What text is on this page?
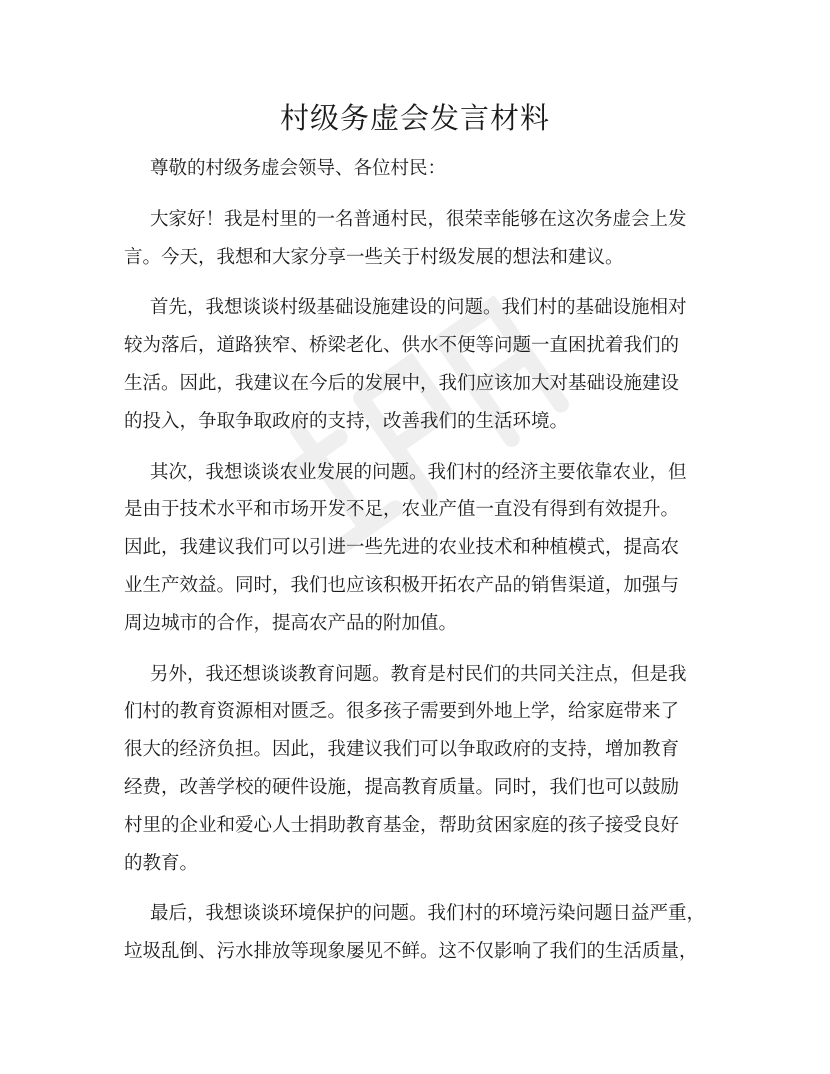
村级务虚会发言材料

尊敬的村级务虚会领导、各位村民：

大家好！我是村里的一名普通村民，很荣幸能够在这次务虚会上发
言。今天，我想和大家分享一些关于村级发展的想法和建议。
首先，我想谈谈村级基础设施建设的问题。我们村的基础设施相对
较为落后，道路狭窄、桥梁老化、供水不便等问题一直困扰着我们的
生活。因此，我建议在今后的发展中，我们应该加大对基础设施建设
的投入，争取争取政府的支持，改善我们的生活环境。
其次，我想谈谈农业发展的问题。我们村的经济主要依靠农业，但
是由于技术水平和市场开发不足，农业产值一直没有得到有效提升。
因此，我建议我们可以引进一些先进的农业技术和种植模式，提高农
业生产效益。同时，我们也应该积极开拓农产品的销售渠道，加强与
周边城市的合作，提高农产品的附加值。
另外，我还想谈谈教育问题。教育是村民们的共同关注点，但是我
们村的教育资源相对匮乏。很多孩子需要到外地上学，给家庭带来了
很大的经济负担。因此，我建议我们可以争取政府的支持，增加教育
经费，改善学校的硬件设施，提高教育质量。同时，我们也可以鼓励
村里的企业和爱心人士捐助教育基金，帮助贫困家庭的孩子接受良好
的教育。
最后，我想谈谈环境保护的问题。我们村的环境污染问题日益严重，
垃圾乱倒、污水排放等现象屡见不鲜。这不仅影响了我们的生活质量，
